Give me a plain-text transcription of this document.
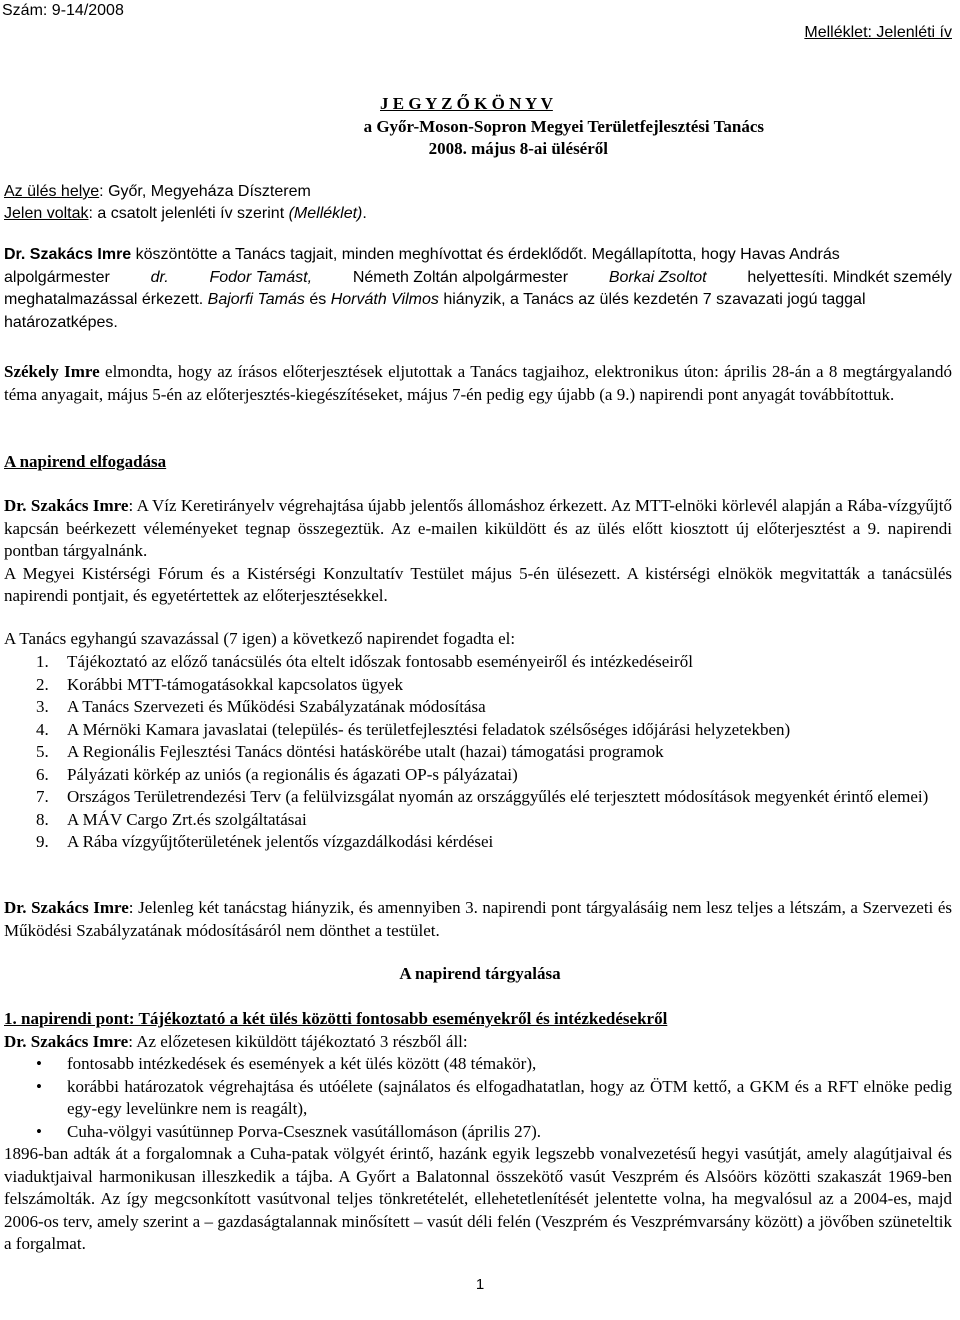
Szám: 9-14/2008
Melléklet: Jelenléti ív
J E G Y Z Ő K Ö N Y V
a Győr-Moson-Sopron Megyei Területfejlesztési Tanács
2008. május 8-ai üléséről
Az ülés helye: Győr, Megyeháza Díszterem
Jelen voltak: a csatolt jelenléti ív szerint (Melléklet).
Dr. Szakács Imre köszöntötte a Tanács tagjait, minden meghívottat és érdeklődőt. Megállapította, hogy Havas András
alpolgármester	dr.	Fodor Tamást,	Németh Zoltán alpolgármester	Borkai Zsoltot	helyettesíti. Mindkét személy
meghatalmazással érkezett. Bajorfi Tamás és Horváth Vilmos hiányzik, a Tanács az ülés kezdetén 7 szavazati jogú taggal
határozatképes.
Székely Imre elmondta, hogy az írásos előterjesztések eljutottak a Tanács tagjaihoz, elektronikus úton: április 28-án a 8 megtárgyalandó téma anyagait, május 5-én az előterjesztés-kiegészítéseket, május 7-én pedig egy újabb (a 9.) napirendi pont anyagát továbbítottuk.
A napirend elfogadása
Dr. Szakács Imre: A Víz Keretirányelv végrehajtása újabb jelentős állomáshoz érkezett. Az MTT-elnöki körlevél alapján a Rába-vízgyűjtő kapcsán beérkezett véleményeket tegnap összegeztük. Az e-mailen kiküldött és az ülés előtt kiosztott új előterjesztést a 9. napirendi pontban tárgyalnánk.
A Megyei Kistérségi Fórum és a Kistérségi Konzultatív Testület május 5-én ülésezett. A kistérségi elnökök megvitatták a tanácsülés napirendi pontjait, és egyetértettek az előterjesztésekkel.
A Tanács egyhangú szavazással (7 igen) a következő napirendet fogadta el:
1. Tájékoztató az előző tanácsülés óta eltelt időszak fontosabb eseményeiről és intézkedéseiről
2. Korábbi MTT-támogatásokkal kapcsolatos ügyek
3. A Tanács Szervezeti és Működési Szabályzatának módosítása
4. A Mérnöki Kamara javaslatai (település- és területfejlesztési feladatok szélsőséges időjárási helyzetekben)
5. A Regionális Fejlesztési Tanács döntési hatáskörébe utalt (hazai) támogatási programok
6. Pályázati körkép az uniós (a regionális és ágazati OP-s pályázatai)
7. Országos Területrendezési Terv (a felülvizsgálat nyomán az országgyűlés elé terjesztett módosítások megyenkét érintő elemei)
8. A MÁV Cargo Zrt.és szolgáltatásai
9. A Rába vízgyűjtőterületének jelentős vízgazdálkodási kérdései
Dr. Szakács Imre: Jelenleg két tanácstag hiányzik, és amennyiben 3. napirendi pont tárgyalásáig nem lesz teljes a létszám, a Szervezeti és Működési Szabályzatának módosításáról nem dönthet a testület.
A napirend tárgyalása
1. napirendi pont: Tájékoztató a két ülés közötti fontosabb eseményekről és intézkedésekről
Dr. Szakács Imre: Az előzetesen kiküldött tájékoztató 3 részből áll:
• fontosabb intézkedések és események a két ülés között (48 témakör),
• korábbi határozatok végrehajtása és utóélete (sajnálatos és elfogadhatatlan, hogy az ÖTM kettő, a GKM és a RFT elnöke pedig egy-egy levelünkre nem is reagált),
• Cuha-völgyi vasútünnep Porva-Csesznek vasútállomáson (április 27).
1896-ban adták át a forgalomnak a Cuha-patak völgyét érintő, hazánk egyik legszebb vonalvezetésű hegyi vasútját, amely alagútjaival és viaduktjaival harmonikusan illeszkedik a tájba. A Győrt a Balatonnal összekötő vasút Veszprém és Alsóörs közötti szakaszát 1969-ben felszámolták. Az így megcsonkított vasútvonal teljes tönkretételét, ellehetetlenítését jelentette volna, ha megvalósul az a 2004-es, majd 2006-os terv, amely szerint a – gazdaságtalannak minősített – vasút déli felén (Veszprém és Veszprémvarsány között) a jövőben szüneteltik a forgalmat.
1
